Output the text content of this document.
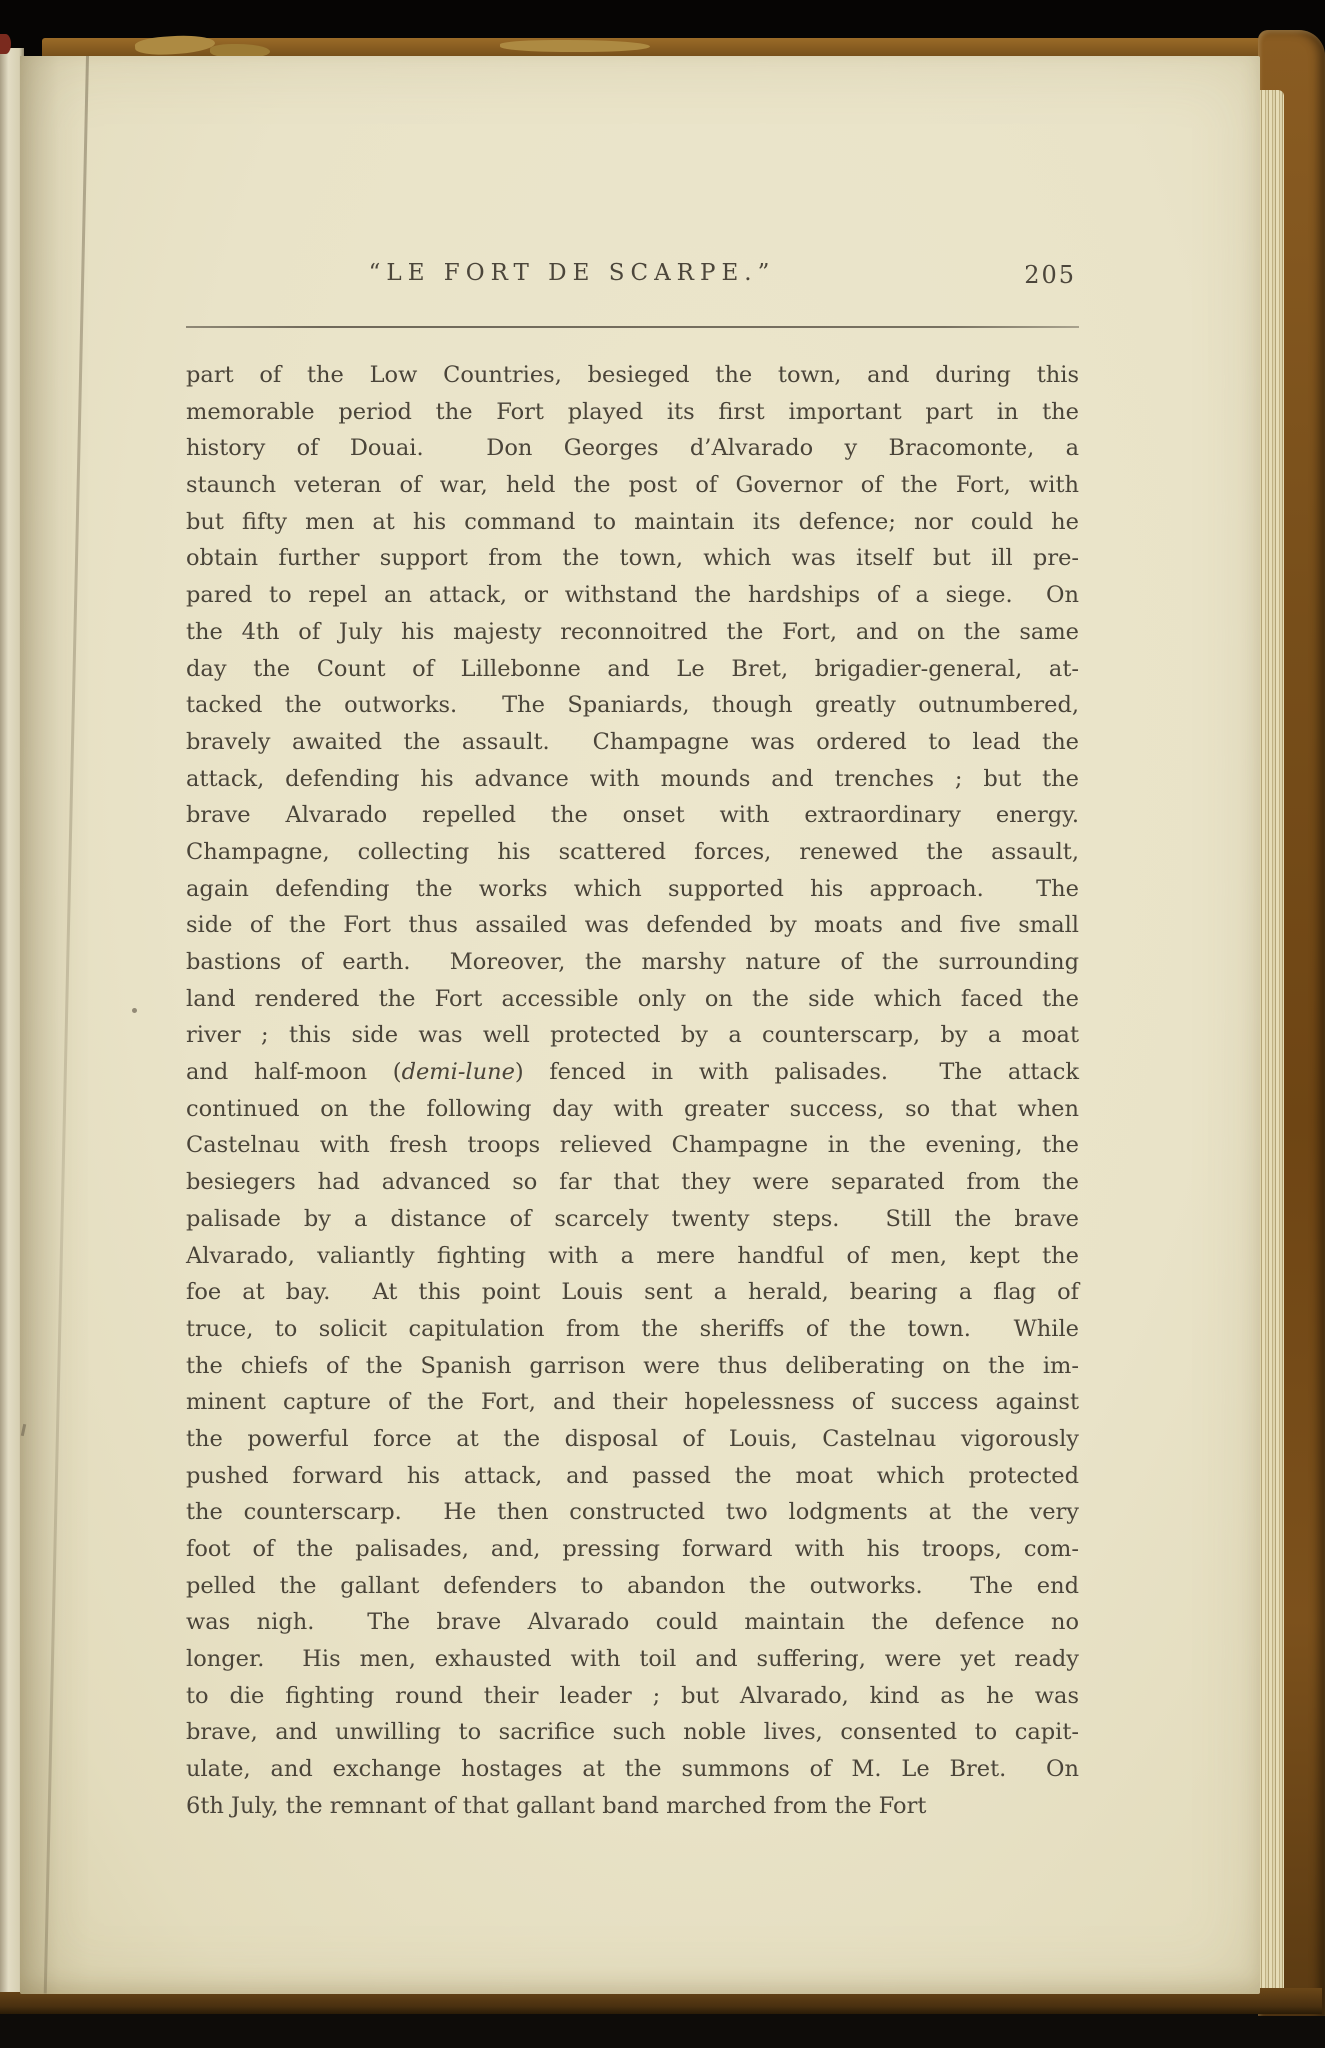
“LE FORT DE SCARPE.”	205
part of the Low Countries, besieged the town, and during this
memorable period the Fort played its first important part in the
history of Douai.  Don Georges d’Alvarado y Bracomonte, a
staunch veteran of war, held the post of Governor of the Fort, with
but fifty men at his command to maintain its defence; nor could he
obtain further support from the town, which was itself but ill pre-
pared to repel an attack, or withstand the hardships of a siege.  On
the 4th of July his majesty reconnoitred the Fort, and on the same
day the Count of Lillebonne and Le Bret, brigadier-general, at-
tacked the outworks.  The Spaniards, though greatly outnumbered,
bravely awaited the assault.  Champagne was ordered to lead the
attack, defending his advance with mounds and trenches ; but the
brave Alvarado repelled the onset with extraordinary energy.
Champagne, collecting his scattered forces, renewed the assault,
again defending the works which supported his approach.  The
side of the Fort thus assailed was defended by moats and five small
bastions of earth.  Moreover, the marshy nature of the surrounding
land rendered the Fort accessible only on the side which faced the
river ; this side was well protected by a counterscarp, by a moat
and half-moon (demi-lune) fenced in with palisades.  The attack
continued on the following day with greater success, so that when
Castelnau with fresh troops relieved Champagne in the evening, the
besiegers had advanced so far that they were separated from the
palisade by a distance of scarcely twenty steps.  Still the brave
Alvarado, valiantly fighting with a mere handful of men, kept the
foe at bay.  At this point Louis sent a herald, bearing a flag of
truce, to solicit capitulation from the sheriffs of the town.  While
the chiefs of the Spanish garrison were thus deliberating on the im-
minent capture of the Fort, and their hopelessness of success against
the powerful force at the disposal of Louis, Castelnau vigorously
pushed forward his attack, and passed the moat which protected
the counterscarp.  He then constructed two lodgments at the very
foot of the palisades, and, pressing forward with his troops, com-
pelled the gallant defenders to abandon the outworks.  The end
was nigh.  The brave Alvarado could maintain the defence no
longer.  His men, exhausted with toil and suffering, were yet ready
to die fighting round their leader ; but Alvarado, kind as he was
brave, and unwilling to sacrifice such noble lives, consented to capit-
ulate, and exchange hostages at the summons of M. Le Bret.  On
6th July, the remnant of that gallant band marched from the Fort
